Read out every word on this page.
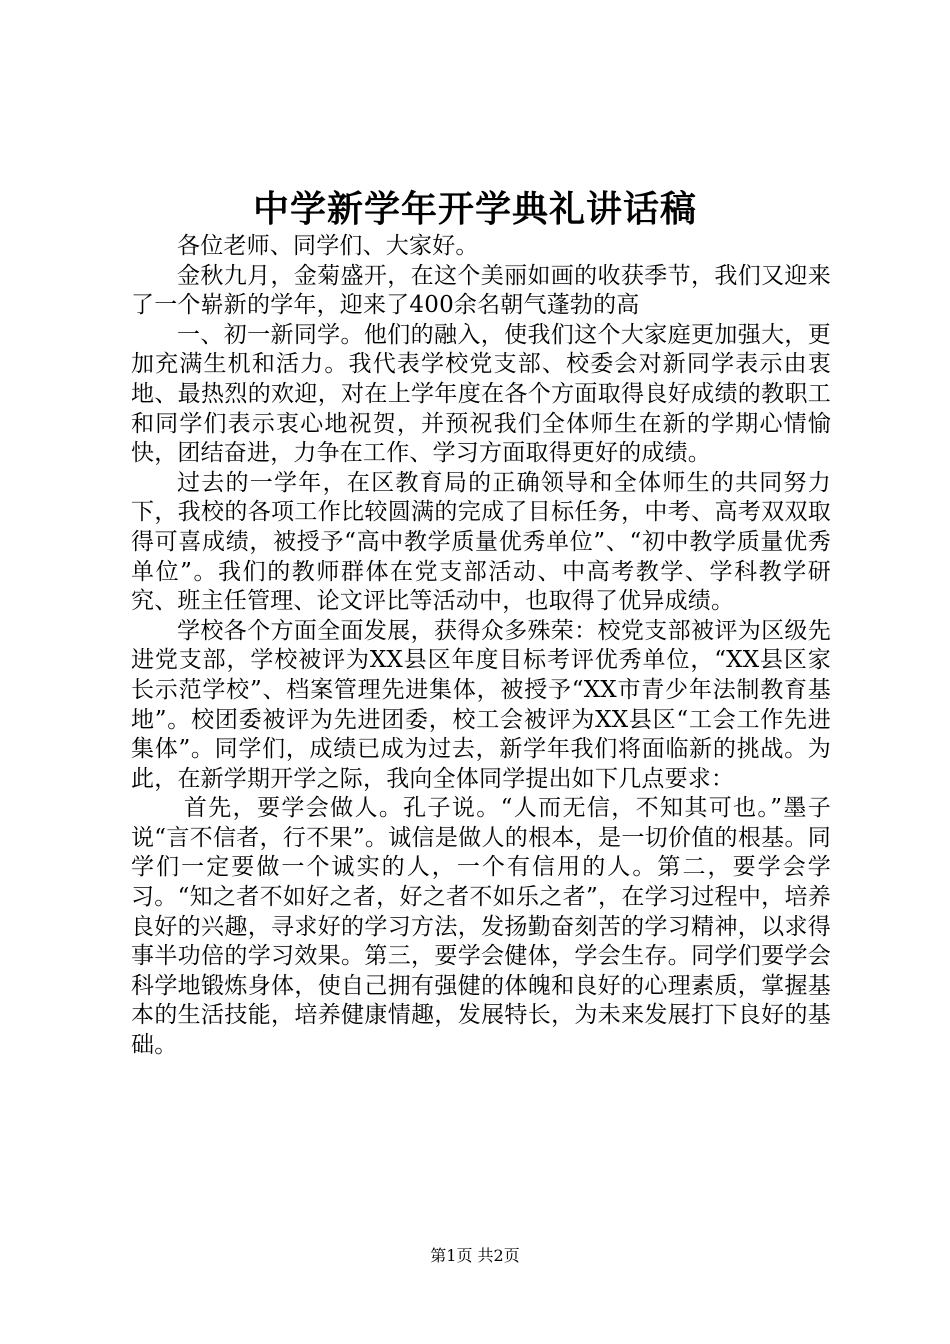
中学新学年开学典礼讲话稿

各位老师、同学们、大家好。

金秋九月，金菊盛开，在这个美丽如画的收获季节，我们又迎来了一个崭新的学年，迎来了400余名朝气蓬勃的高

一、初一新同学。他们的融入，使我们这个大家庭更加强大，更加充满生机和活力。我代表学校党支部、校委会对新同学表示由衷地、最热烈的欢迎，对在上学年度在各个方面取得良好成绩的教职工和同学们表示衷心地祝贺，并预祝我们全体师生在新的学期心情愉快，团结奋进，力争在工作、学习方面取得更好的成绩。

过去的一学年，在区教育局的正确领导和全体师生的共同努力下，我校的各项工作比较圆满的完成了目标任务，中考、高考双双取得可喜成绩，被授予“高中教学质量优秀单位”、“初中教学质量优秀单位”。我们的教师群体在党支部活动、中高考教学、学科教学研究、班主任管理、论文评比等活动中，也取得了优异成绩。

学校各个方面全面发展，获得众多殊荣：校党支部被评为区级先进党支部，学校被评为XX县区年度目标考评优秀单位，“XX县区家长示范学校”、档案管理先进集体，被授予“XX市青少年法制教育基地”。校团委被评为先进团委，校工会被评为XX县区“工会工作先进集体”。同学们，成绩已成为过去，新学年我们将面临新的挑战。为此，在新学期开学之际，我向全体同学提出如下几点要求：

首先，要学会做人。孔子说。“人而无信，不知其可也。”墨子说“言不信者，行不果”。诚信是做人的根本，是一切价值的根基。同学们一定要做一个诚实的人，一个有信用的人。第二，要学会学习。“知之者不如好之者，好之者不如乐之者”，在学习过程中，培养良好的兴趣，寻求好的学习方法，发扬勤奋刻苦的学习精神，以求得事半功倍的学习效果。第三，要学会健体，学会生存。同学们要学会科学地锻炼身体，使自己拥有强健的体魄和良好的心理素质，掌握基本的生活技能，培养健康情趣，发展特长，为未来发展打下良好的基础。

第1页 共2页
